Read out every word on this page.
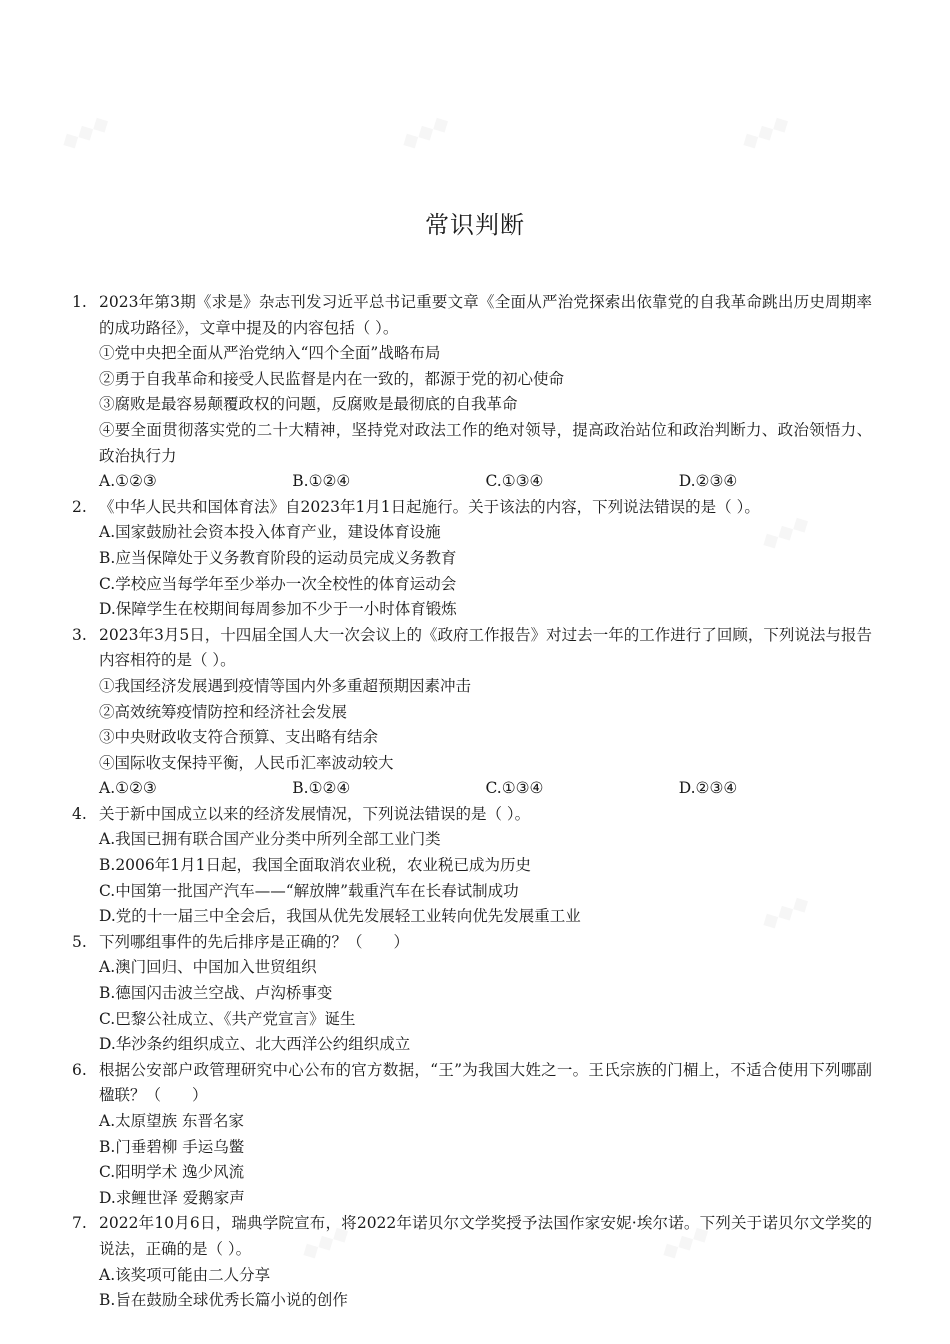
常识判断
1. 2023年第3期《求是》杂志刊发习近平总书记重要文章《全面从严治党探索出依靠党的自我革命跳出历史周期率的成功路径》，文章中提及的内容包括（ ）。
①党中央把全面从严治党纳入“四个全面”战略布局
②勇于自我革命和接受人民监督是内在一致的，都源于党的初心使命
③腐败是最容易颠覆政权的问题，反腐败是最彻底的自我革命
④要全面贯彻落实党的二十大精神，坚持党对政法工作的绝对领导，提高政治站位和政治判断力、政治领悟力、政治执行力
A.①②③	B.①②④	C.①③④	D.②③④
2. 《中华人民共和国体育法》自2023年1月1日起施行。关于该法的内容，下列说法错误的是（ ）。
A.国家鼓励社会资本投入体育产业，建设体育设施
B.应当保障处于义务教育阶段的运动员完成义务教育
C.学校应当每学年至少举办一次全校性的体育运动会
D.保障学生在校期间每周参加不少于一小时体育锻炼
3. 2023年3月5日，十四届全国人大一次会议上的《政府工作报告》对过去一年的工作进行了回顾，下列说法与报告内容相符的是（ ）。
①我国经济发展遇到疫情等国内外多重超预期因素冲击
②高效统筹疫情防控和经济社会发展
③中央财政收支符合预算、支出略有结余
④国际收支保持平衡，人民币汇率波动较大
A.①②③	B.①②④	C.①③④	D.②③④
4. 关于新中国成立以来的经济发展情况，下列说法错误的是（ ）。
A.我国已拥有联合国产业分类中所列全部工业门类
B.2006年1月1日起，我国全面取消农业税，农业税已成为历史
C.中国第一批国产汽车——“解放牌”载重汽车在长春试制成功
D.党的十一届三中全会后，我国从优先发展轻工业转向优先发展重工业
5. 下列哪组事件的先后排序是正确的？（　　）
A.澳门回归、中国加入世贸组织
B.德国闪击波兰空战、卢沟桥事变
C.巴黎公社成立、《共产党宣言》诞生
D.华沙条约组织成立、北大西洋公约组织成立
6. 根据公安部户政管理研究中心公布的官方数据，“王”为我国大姓之一。王氏宗族的门楣上，不适合使用下列哪副楹联？（　　）
A.太原望族 东晋名家
B.门垂碧柳 手运乌鳖
C.阳明学术 逸少风流
D.求鲤世泽 爱鹅家声
7. 2022年10月6日，瑞典学院宣布，将2022年诺贝尔文学奖授予法国作家安妮·埃尔诺。下列关于诺贝尔文学奖的说法，正确的是（ ）。
A.该奖项可能由二人分享
B.旨在鼓励全球优秀长篇小说的创作
